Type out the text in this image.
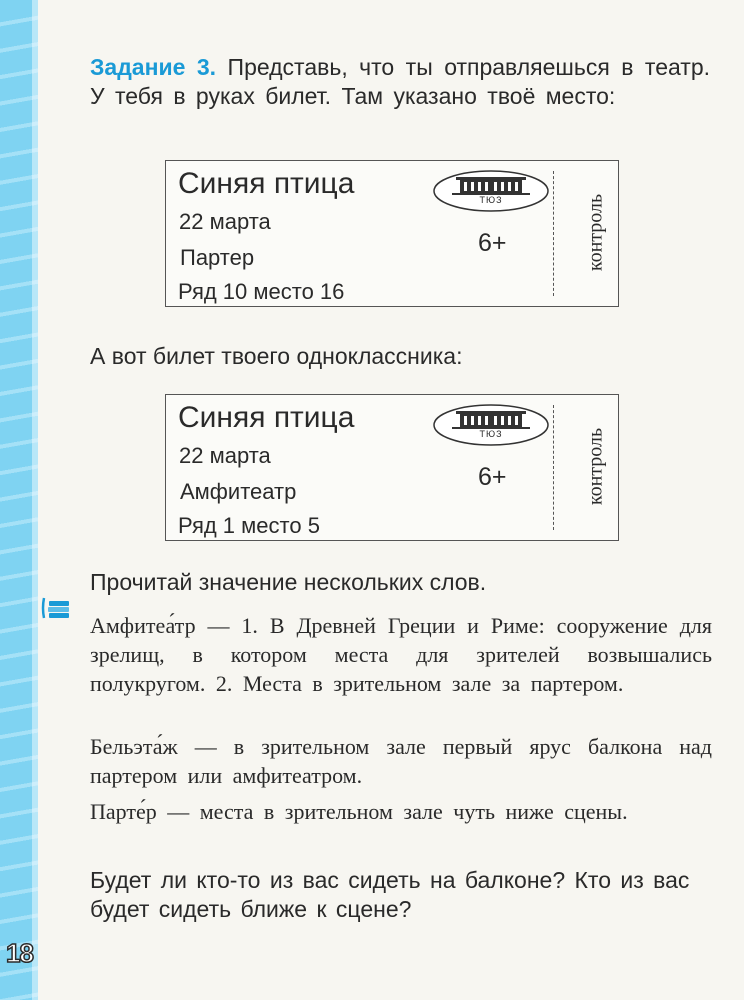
18
Задание 3. Представь, что ты отправляешься в театр. У тебя в руках билет. Там указано твоё место:
Синяя птица
22 марта
Партер
Ряд 10 место 16
ТЮЗ
6+	контроль
А вот билет твоего одноклассника:
Синяя птица
22 марта
Амфитеатр
Ряд 1 место 5
ТЮЗ
6+	контроль
Прочитай значение нескольких слов.
Амфитеа́тр — 1. В Древней Греции и Риме: сооружение для зрелищ, в котором места для зрителей возвышались полукругом. 2. Места в зрительном зале за партером.
Бельэта́ж — в зрительном зале первый ярус балкона над партером или амфитеатром.
Парте́р — места в зрительном зале чуть ниже сцены.
Будет ли кто-то из вас сидеть на балконе? Кто из вас будет сидеть ближе к сцене?
